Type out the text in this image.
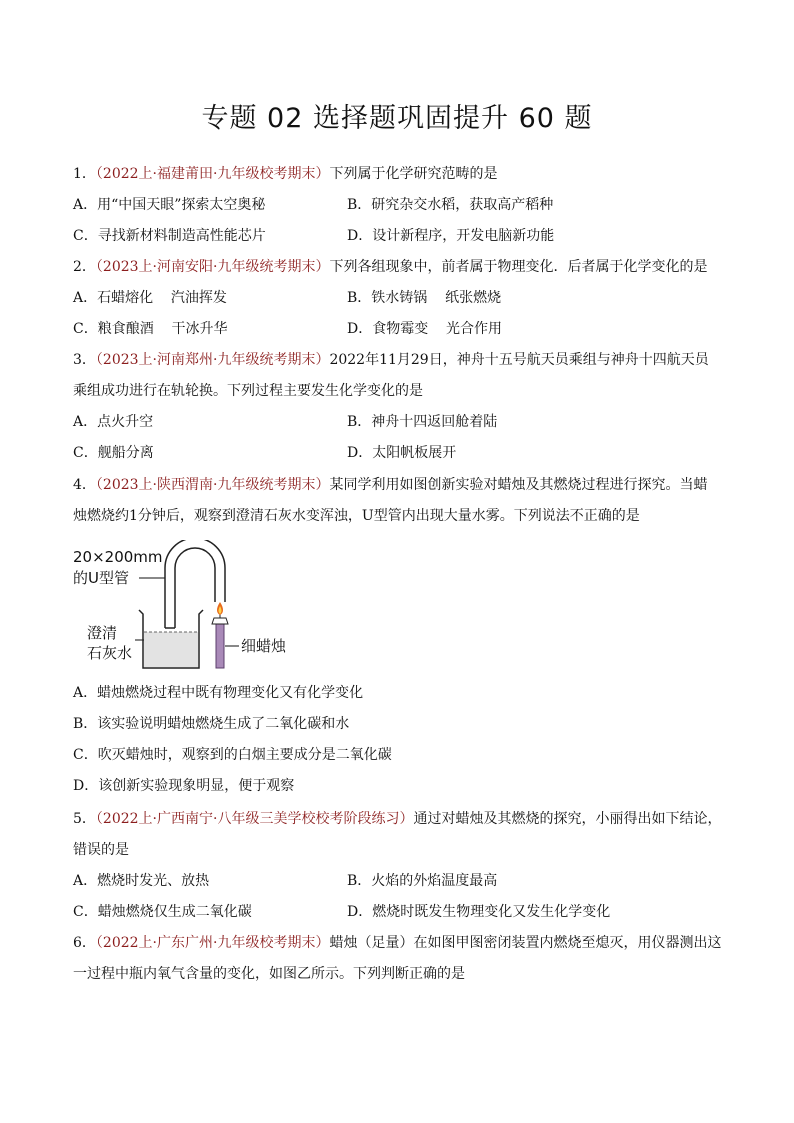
专题 02 选择题巩固提升 60 题
1．（2022上·福建莆田·九年级校考期末）下列属于化学研究范畴的是
A．用“中国天眼”探索太空奥秘	B．研究杂交水稻，获取高产稻种
C．寻找新材料制造高性能芯片	D．设计新程序，开发电脑新功能
2．（2023上·河南安阳·九年级统考期末）下列各组现象中，前者属于物理变化．后者属于化学变化的是
A．石蜡熔化    汽油挥发	B．铁水铸锅    纸张燃烧
C．粮食酿酒    干冰升华	D．食物霉变    光合作用
3．（2023上·河南郑州·九年级统考期末）2022年11月29日，神舟十五号航天员乘组与神舟十四航天员
乘组成功进行在轨轮换。下列过程主要发生化学变化的是
A．点火升空	B．神舟十四返回舱着陆
C．舰船分离	D．太阳帆板展开
4．（2023上·陕西渭南·九年级统考期末）某同学利用如图创新实验对蜡烛及其燃烧过程进行探究。当蜡
烛燃烧约1分钟后，观察到澄清石灰水变浑浊，U型管内出现大量水雾。下列说法不正确的是
20×200mm
的U型管
澄清
石灰水	细蜡烛
A．蜡烛燃烧过程中既有物理变化又有化学变化
B．该实验说明蜡烛燃烧生成了二氧化碳和水
C．吹灭蜡烛时，观察到的白烟主要成分是二氧化碳
D．该创新实验现象明显，便于观察
5．（2022上·广西南宁·八年级三美学校校考阶段练习）通过对蜡烛及其燃烧的探究，小丽得出如下结论，
错误的是
A．燃烧时发光、放热	B．火焰的外焰温度最高
C．蜡烛燃烧仅生成二氧化碳	D．燃烧时既发生物理变化又发生化学变化
6．（2022上·广东广州·九年级校考期末）蜡烛（足量）在如图甲图密闭装置内燃烧至熄灭，用仪器测出这
一过程中瓶内氧气含量的变化，如图乙所示。下列判断正确的是
